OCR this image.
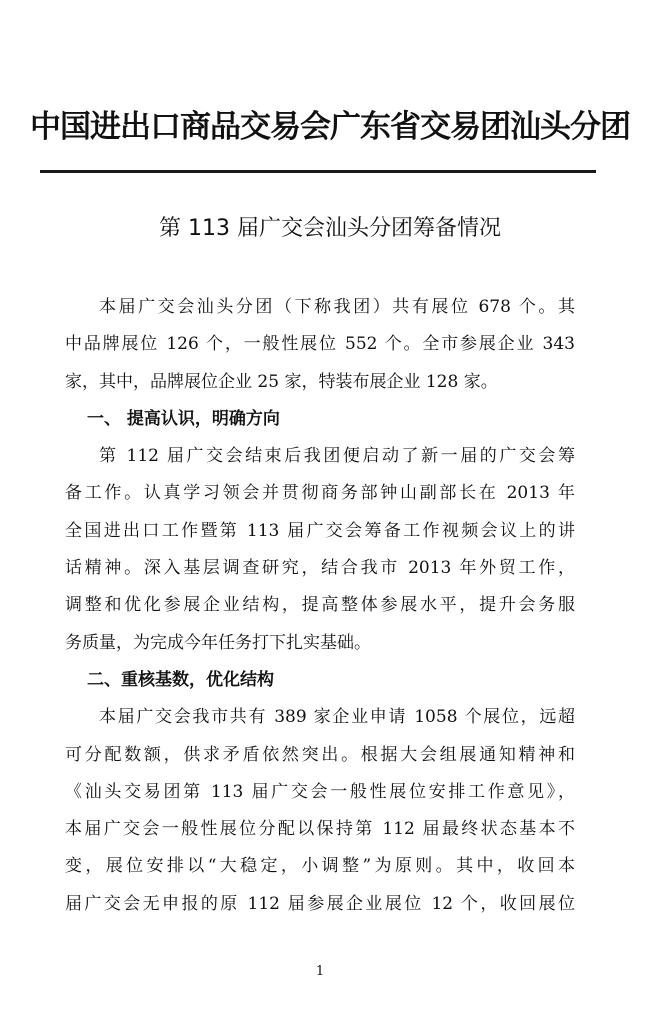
中国进出口商品交易会广东省交易团汕头分团
第 113 届广交会汕头分团筹备情况
本届广交会汕头分团（下称我团）共有展位 678 个。其
中品牌展位 126 个，一般性展位 552 个。全市参展企业 343
家，其中，品牌展位企业 25 家，特装布展企业 128 家。
一、 提高认识，明确方向
第 112 届广交会结束后我团便启动了新一届的广交会筹
备工作。认真学习领会并贯彻商务部钟山副部长在 2013 年
全国进出口工作暨第 113 届广交会筹备工作视频会议上的讲
话精神。深入基层调查研究，结合我市 2013 年外贸工作，
调整和优化参展企业结构，提高整体参展水平，提升会务服
务质量，为完成今年任务打下扎实基础。
二、重核基数，优化结构
本届广交会我市共有 389 家企业申请 1058 个展位，远超
可分配数额，供求矛盾依然突出。根据大会组展通知精神和
《汕头交易团第 113 届广交会一般性展位安排工作意见》，
本届广交会一般性展位分配以保持第 112 届最终状态基本不
变，展位安排以“大稳定，小调整”为原则。其中，收回本
届广交会无申报的原 112 届参展企业展位 12 个，收回展位
1
